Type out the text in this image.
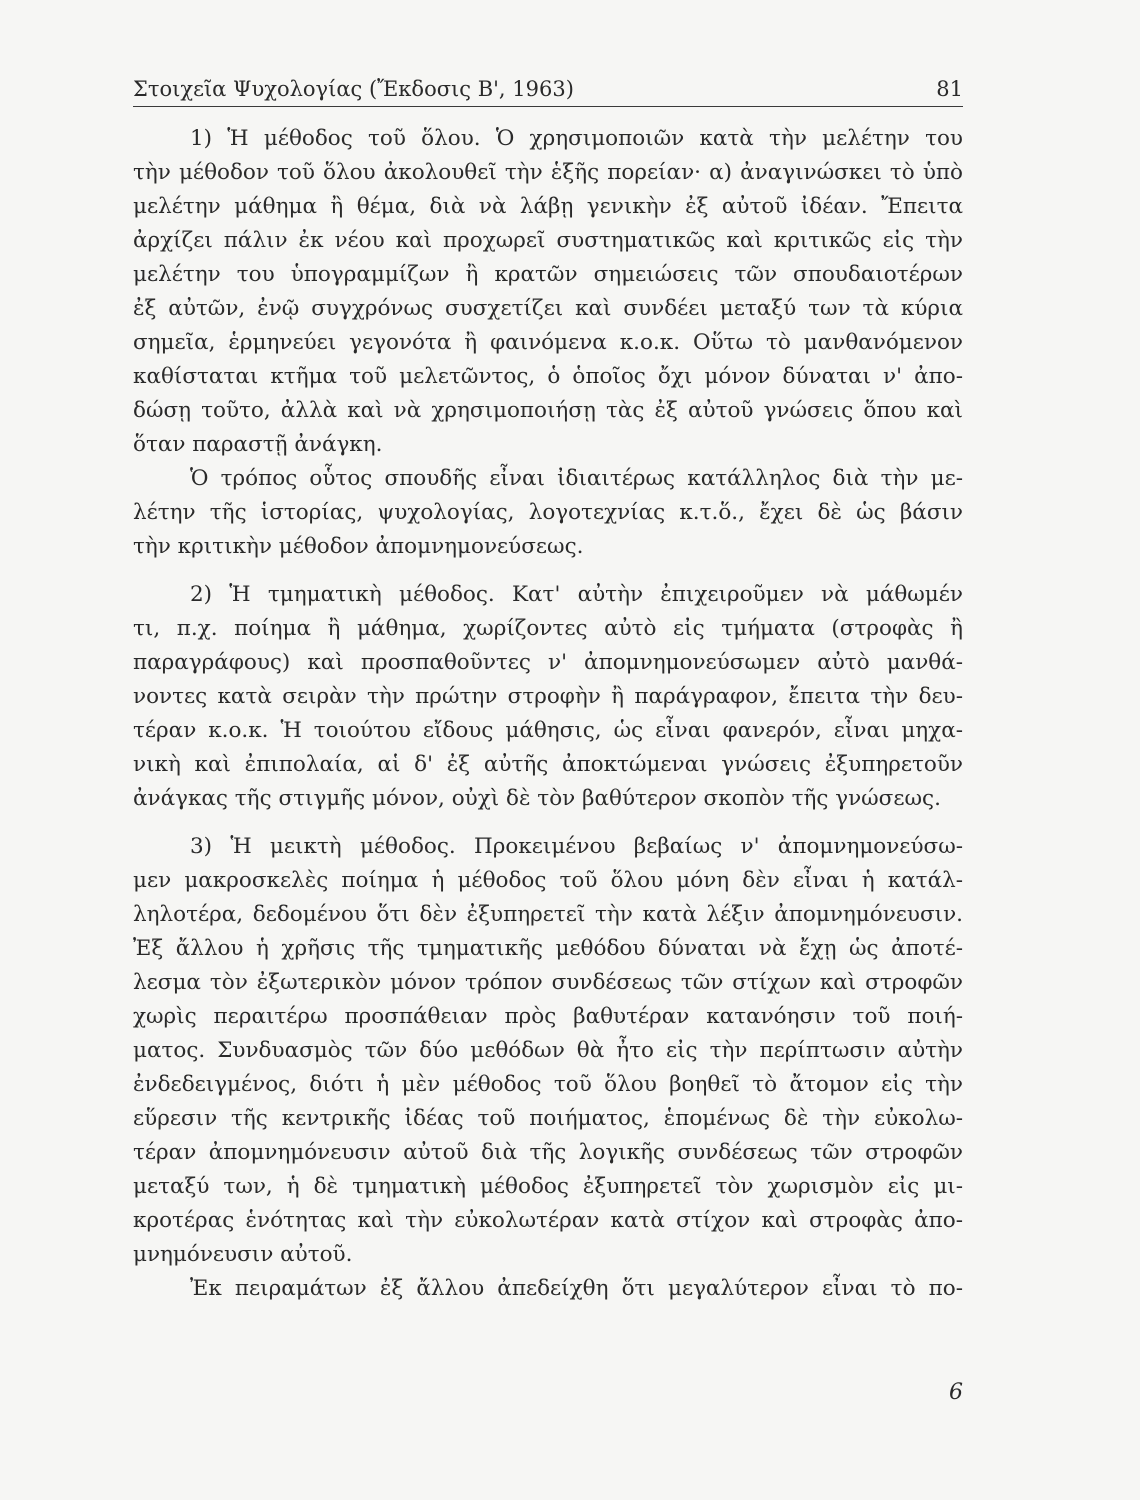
Στοιχεῖα Ψυχολογίας (Ἔκδοσις Β', 1963)	81
1) Ἡ μέθοδος τοῦ ὅλου. Ὁ χρησιμοποιῶν κατὰ τὴν μελέτην του
τὴν μέθοδον τοῦ ὅλου ἀκολουθεῖ τὴν ἑξῆς πορείαν· α) ἀναγινώσκει τὸ ὑπὸ
μελέτην μάθημα ἢ θέμα, διὰ νὰ λάβῃ γενικὴν ἐξ αὐτοῦ ἰδέαν. Ἔπειτα
ἀρχίζει πάλιν ἐκ νέου καὶ προχωρεῖ συστηματικῶς καὶ κριτικῶς εἰς τὴν
μελέτην του ὑπογραμμίζων ἢ κρατῶν σημειώσεις τῶν σπουδαιοτέρων
ἐξ αὐτῶν, ἐνῷ συγχρόνως συσχετίζει καὶ συνδέει μεταξύ των τὰ κύρια
σημεῖα, ἑρμηνεύει γεγονότα ἢ φαινόμενα κ.ο.κ. Οὕτω τὸ μανθανόμενον
καθίσταται κτῆμα τοῦ μελετῶντος, ὁ ὁποῖος ὄχι μόνον δύναται ν' ἀπο-
δώσῃ τοῦτο, ἀλλὰ καὶ νὰ χρησιμοποιήσῃ τὰς ἐξ αὐτοῦ γνώσεις ὅπου καὶ
ὅταν παραστῇ ἀνάγκη.
Ὁ τρόπος οὗτος σπουδῆς εἶναι ἰδιαιτέρως κατάλληλος διὰ τὴν με-
λέτην τῆς ἱστορίας, ψυχολογίας, λογοτεχνίας κ.τ.ὅ., ἔχει δὲ ὡς βάσιν
τὴν κριτικὴν μέθοδον ἀπομνημονεύσεως.
2) Ἡ τμηματικὴ μέθοδος. Κατ' αὐτὴν ἐπιχειροῦμεν νὰ μάθωμέν
τι, π.χ. ποίημα ἢ μάθημα, χωρίζοντες αὐτὸ εἰς τμήματα (στροφὰς ἢ
παραγράφους) καὶ προσπαθοῦντες ν' ἀπομνημονεύσωμεν αὐτὸ μανθά-
νοντες κατὰ σειρὰν τὴν πρώτην στροφὴν ἢ παράγραφον, ἔπειτα τὴν δευ-
τέραν κ.ο.κ. Ἡ τοιούτου εἴδους μάθησις, ὡς εἶναι φανερόν, εἶναι μηχα-
νικὴ καὶ ἐπιπολαία, αἱ δ' ἐξ αὐτῆς ἀποκτώμεναι γνώσεις ἐξυπηρετοῦν
ἀνάγκας τῆς στιγμῆς μόνον, οὐχὶ δὲ τὸν βαθύτερον σκοπὸν τῆς γνώσεως.
3) Ἡ μεικτὴ μέθοδος. Προκειμένου βεβαίως ν' ἀπομνημονεύσω-
μεν μακροσκελὲς ποίημα ἡ μέθοδος τοῦ ὅλου μόνη δὲν εἶναι ἡ κατάλ-
ληλοτέρα, δεδομένου ὅτι δὲν ἐξυπηρετεῖ τὴν κατὰ λέξιν ἀπομνημόνευσιν.
Ἐξ ἄλλου ἡ χρῆσις τῆς τμηματικῆς μεθόδου δύναται νὰ ἔχῃ ὡς ἀποτέ-
λεσμα τὸν ἐξωτερικὸν μόνον τρόπον συνδέσεως τῶν στίχων καὶ στροφῶν
χωρὶς περαιτέρω προσπάθειαν πρὸς βαθυτέραν κατανόησιν τοῦ ποιή-
ματος. Συνδυασμὸς τῶν δύο μεθόδων θὰ ἦτο εἰς τὴν περίπτωσιν αὐτὴν
ἐνδεδειγμένος, διότι ἡ μὲν μέθοδος τοῦ ὅλου βοηθεῖ τὸ ἄτομον εἰς τὴν
εὕρεσιν τῆς κεντρικῆς ἰδέας τοῦ ποιήματος, ἑπομένως δὲ τὴν εὐκολω-
τέραν ἀπομνημόνευσιν αὐτοῦ διὰ τῆς λογικῆς συνδέσεως τῶν στροφῶν
μεταξύ των, ἡ δὲ τμηματικὴ μέθοδος ἐξυπηρετεῖ τὸν χωρισμὸν εἰς μι-
κροτέρας ἑνότητας καὶ τὴν εὐκολωτέραν κατὰ στίχον καὶ στροφὰς ἀπο-
μνημόνευσιν αὐτοῦ.
Ἐκ πειραμάτων ἐξ ἄλλου ἀπεδείχθη ὅτι μεγαλύτερον εἶναι τὸ πο-
6
